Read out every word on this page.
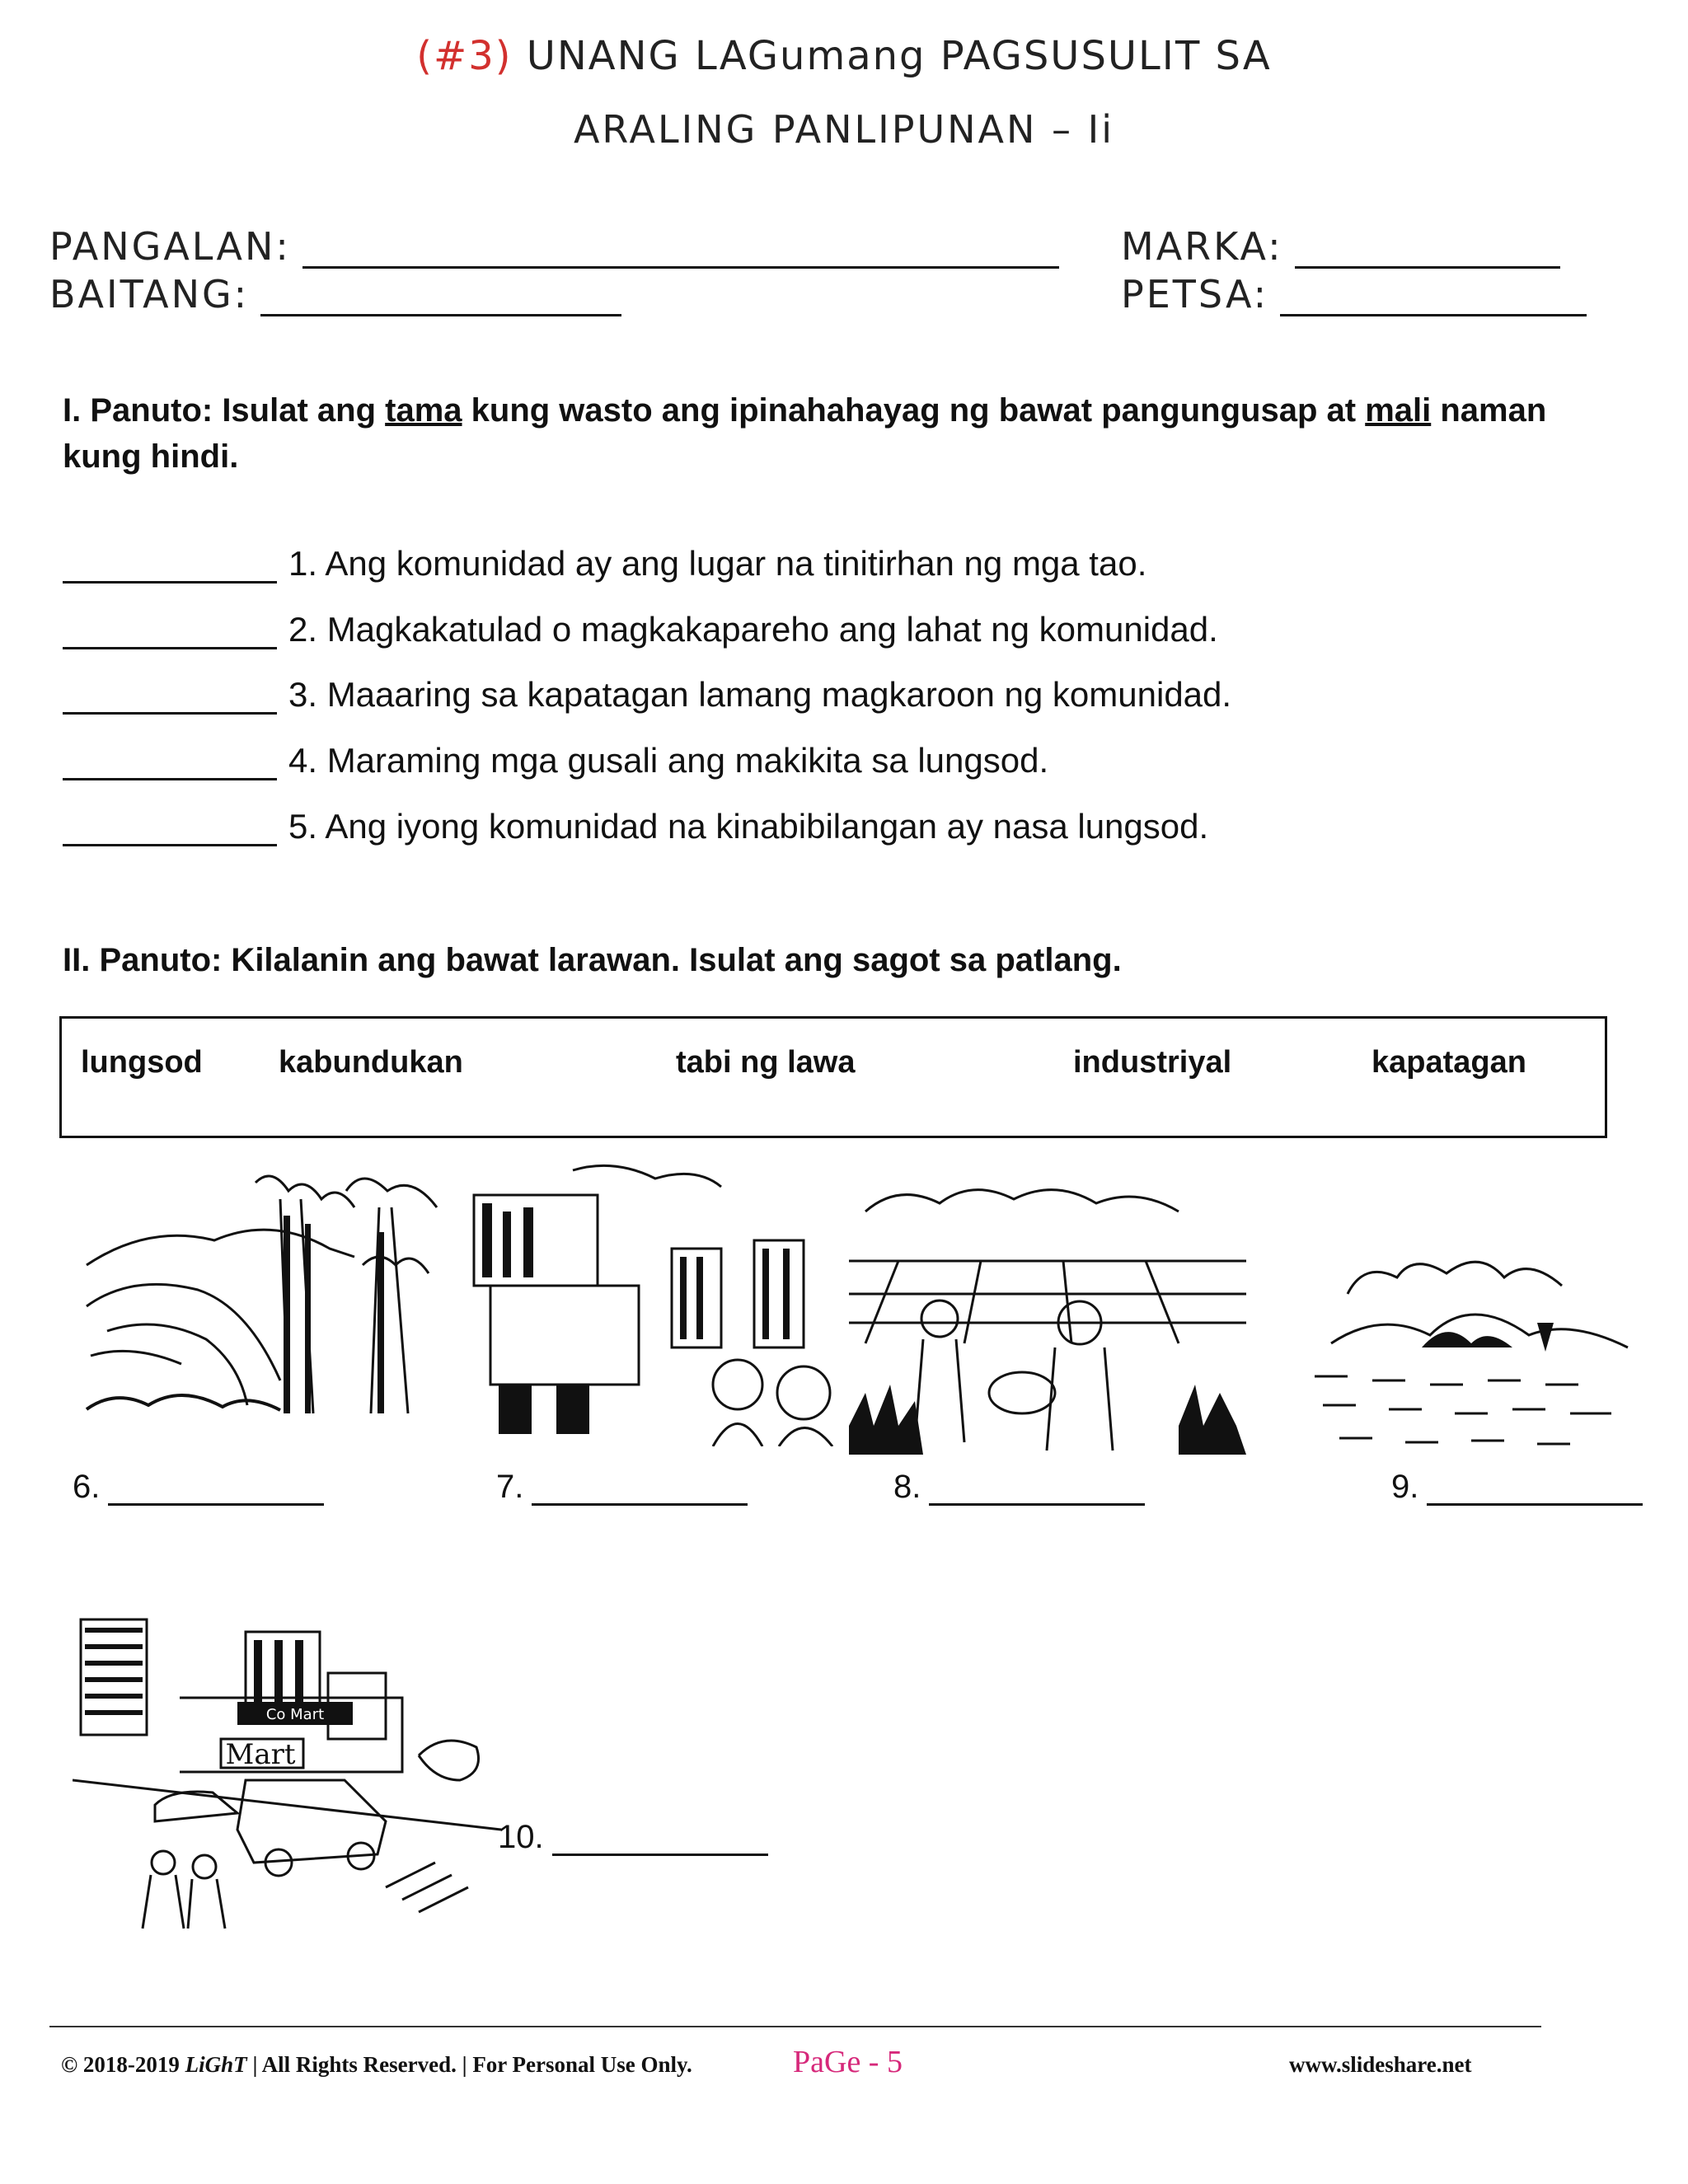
(#3) UNANG LAGumang PAGSUSULIT SA
ARALING PANLIPUNAN – Ii
PANGALAN:	MARKA:
BAITANG:	PETSA:
I. Panuto: Isulat ang tama kung wasto ang ipinahahayag ng bawat pangungusap at mali naman kung hindi.
1. Ang komunidad ay ang lugar na tinitirhan ng mga tao.
2. Magkakatulad o magkakapareho ang lahat ng komunidad.
3. Maaaring sa kapatagan lamang magkaroon ng komunidad.
4. Maraming mga gusali ang makikita sa lungsod.
5. Ang iyong komunidad na kinabibilangan ay nasa lungsod.
II. Panuto: Kilalanin ang bawat larawan. Isulat ang sagot sa patlang.
lungsod kabundukan	tabi ng lawa	industriyal	kapatagan
6.	7.	8.	9.
Co Mart
Mart
10.
© 2018-2019 LiGhT | All Rights Reserved. | For Personal Use Only.	PaGe - 5	www.slideshare.net
